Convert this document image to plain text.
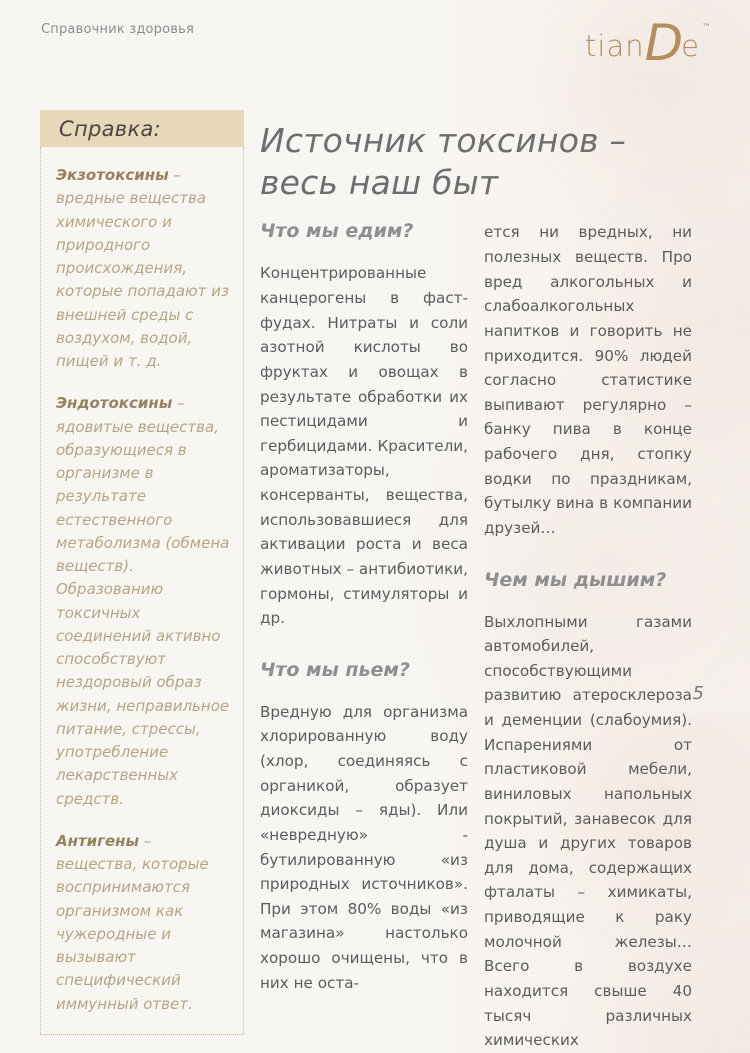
Справочник здоровья	tianDe™
Справка:

Экзотоксины – вредные вещества химического и природного происхождения, которые попадают из внешней среды с воздухом, водой, пищей и т. д.

Эндотоксины – ядовитые вещества, образующиеся в организме в результате естественного метаболизма (обмена веществ). Образованию токсичных соединений активно способствуют нездоровый образ жизни, неправильное питание, стрессы, употребление лекарственных средств.

Антигены – вещества, которые воспринимаются организмом как чужеродные и вызывают специфический иммунный ответ.

Источник токсинов –
весь наш быт
Что мы едим?

Концентрированные канцерогены в фаст-фудах. Нитраты и соли азотной кислоты во фруктах и овощах в результате обработки их пестицидами и гербицидами. Красители, ароматизаторы, консерванты, вещества, использовавшиеся для активации роста и веса животных – антибиотики, гормоны, стимуляторы и др.

Что мы пьем?

Вредную для организма хлорированную воду (хлор, соединяясь с органикой, образует диоксиды – яды). Или «невредную» - бутилированную «из природных источников». При этом 80% воды «из магазина» настолько хорошо очищены, что в них не оста-

ется ни вредных, ни полезных веществ. Про вред алкогольных и слабоалкогольных напитков и говорить не приходится. 90% людей согласно статистике выпивают регулярно – банку пива в конце рабочего дня, стопку водки по праздникам, бутылку вина в компании друзей…

Чем мы дышим?

Выхлопными газами автомобилей, способствующими развитию атеросклероза и деменции (слабоумия). Испарениями от пластиковой мебели, виниловых напольных покрытий, занавесок для душа и других товаров для дома, содержащих фталаты – химикаты, приводящие к раку молочной железы… Всего в воздухе находится свыше 40 тысяч различных химических

5
